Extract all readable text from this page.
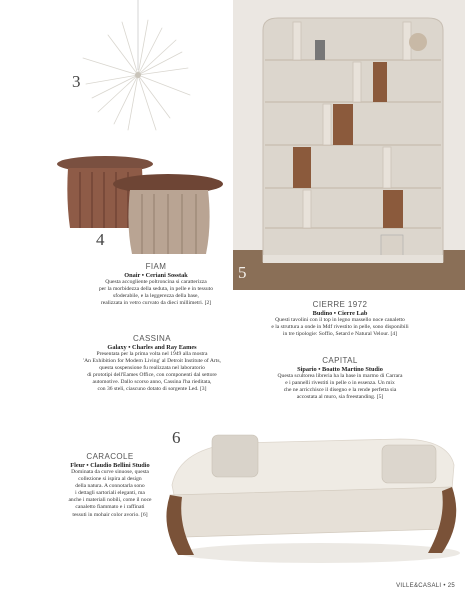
3
4
5
FIAM
Onair • Ceriani Sosstak
Questa accogliente poltroncina si caratterizza
per la morbidezza della seduta, in pelle e in tessuto
sfoderabile, e la leggerezza della base,
realizzata in vetro curvato da dieci millimetri. [2]
CASSINA
Galaxy • Charles and Ray Eames
Presentata per la prima volta nel 1949 alla mostra
'An Exhibition for Modern Living' al Detroit Institute of Arts,
questa sospensione fu realizzata nel laboratorio
di prototipi dell'Eames Office, con componenti dal settore
automotive. Dallo scorso anno, Cassina l'ha rieditata,
con 36 steli, ciascuno dotato di sorgente Led. [3]
CIERRE 1972
Budino • Cierre Lab
Questi tavolini con il top in legno massello noce canaletto
e la struttura a onde in Mdf rivestito in pelle, sono disponibili
in tre tipologie: Soffio, Setard e Natural Velour. [4]
CAPITAL
Sipario • Boatto Martino Studio
Questa scultorea libreria ha la base in marmo di Carrara
e i pannelli rivestiti in pelle o in essenza. Un mix
che ne arricchisce il disegno e la rende perfetta sia
accostata al muro, sia freestanding. [5]
6
CARACOLE
Fleur • Claudio Bellini Studio
Dominata da curve sinuose, questa
collezione si ispira al design
della natura. A connotarla sono
i dettagli sartoriali eleganti, ma
anche i materiali nobili, come il noce
canaletto fiammato e i raffinati
tessuti in mohair color avorio. [6]
VILLE&CASALI • 25
